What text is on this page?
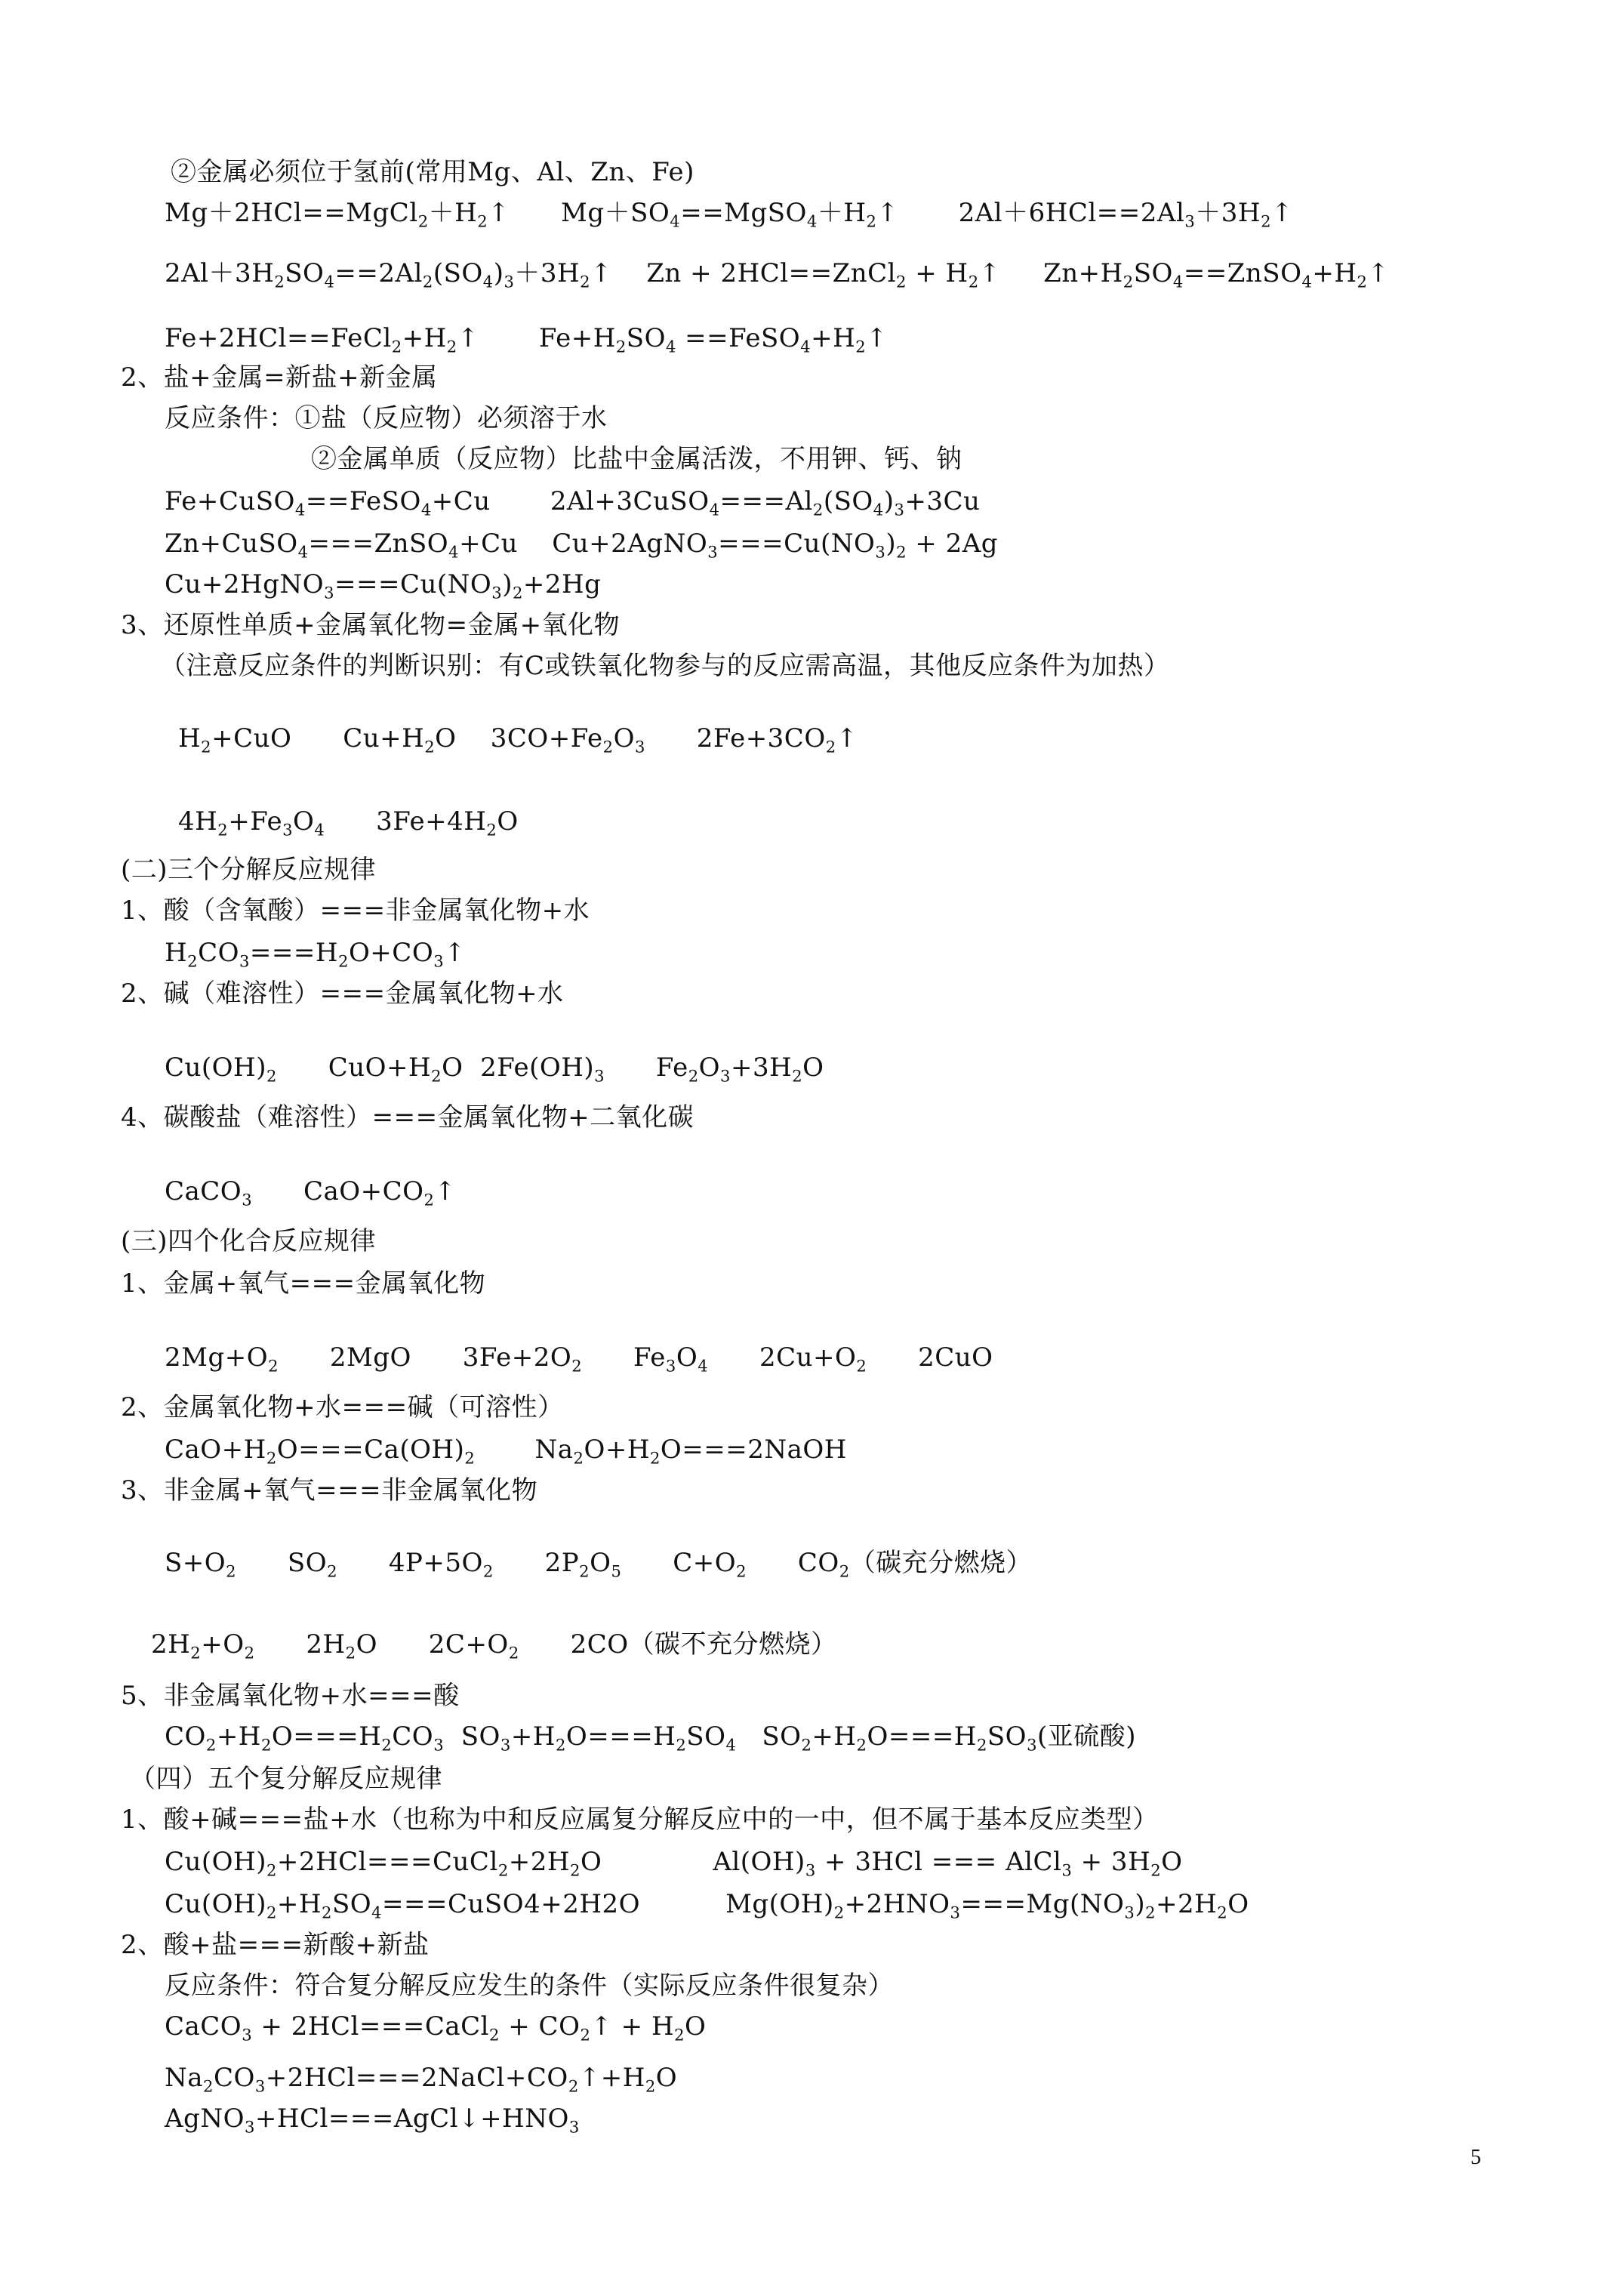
②金属必须位于氢前(常用Mg、Al、Zn、Fe)
$Mg+2HCl==MgCl_2+H_2↑$      $Mg+SO_4==MgSO_4+H_2↑$       $2Al+6HCl==2Al_3+3H_2↑$
$2Al+3H_2SO_4==2Al_2(SO_4)_3+3H_2↑$    Zn + 2HCl==ZnCl$_2$ + $H_2↑$     $Zn+H_2SO_4==ZnSO_4+H_2↑$
$Fe+2HCl==FeCl_2+H_2↑$       $Fe+H_2SO_4$ $==FeSO_4+H_2↑$
2、盐+金属=新盐+新金属
反应条件：①盐（反应物）必须溶于水
②金属单质（反应物）比盐中金属活泼，不用钾、钙、钠
Fe+CuSO$_4$==FeSO$_4$+Cu       $2Al+3CuSO_4===Al_2(SO_4)_3+3Cu$
Zn+CuSO$_4$===ZnSO$_4$+Cu    $Cu+2AgNO_3===Cu(NO_3)_2 + 2Ag$
$Cu+2HgNO_3===Cu(NO_3)_2+2Hg$
3、还原性单质+金属氧化物=金属+氧化物
（注意反应条件的判断识别：有C或铁氧化物参与的反应需高温，其他反应条件为加热）
$H_2+CuO$      $Cu+H_2O$    $3CO+Fe_2O_3$      $2Fe+3CO_2↑$
$4H_2+Fe_3O_4$      $3Fe+4H_2O$
(二)三个分解反应规律
1、酸（含氧酸）===非金属氧化物+水
$H_2CO_3===H_2O+CO_3↑$
2、碱（难溶性）===金属氧化物+水
$Cu(OH)_2$      $CuO+H_2O$  $2Fe(OH)_3$      $Fe_2O_3+3H_2O$
4、碳酸盐（难溶性）===金属氧化物+二氧化碳
CaCO$_3$      $CaO+CO_2↑$
(三)四个化合反应规律
1、金属+氧气===金属氧化物
$2Mg+O_2$      2MgO      $3Fe+2O_2$      $Fe_3O_4$      $2Cu+O_2$      2CuO
2、金属氧化物+水===碱（可溶性）
$CaO+H_2O===Ca(OH)_2$       $Na_2O+H_2O===2NaOH$
3、非金属+氧气===非金属氧化物
$S+O_2$      $SO_2$      $4P+5O_2$      $2P_2O_5$      $C+O_2$      $CO_2$（碳充分燃烧）
$2H_2+O_2$      $2H_2O$      $2C+O_2$      2CO（碳不充分燃烧）
5、非金属氧化物+水===酸
$CO_2+H_2O===H_2CO_3$  $SO_3+H_2O===H_2SO_4$   $SO_2+H_2O===H_2SO_3$(亚硫酸)
（四）五个复分解反应规律
1、酸+碱===盐+水（也称为中和反应属复分解反应中的一中，但不属于基本反应类型）
$Cu(OH)_2+2HCl===CuCl_2+2H_2O$             $Al(OH)_3 + 3HCl$ === AlCl$_3$ + $3H_2O$
$Cu(OH)_2+H_2SO_4===CuSO4+2H2O$          $Mg(OH)_2+2HNO_3===Mg(NO_3)_2+2H_2O$
2、酸+盐===新酸+新盐
反应条件：符合复分解反应发生的条件（实际反应条件很复杂）
CaCO$_3$ + 2HCl===CaCl$_2$ + $CO_2↑ + H_2O$
$Na_2CO_3+2HCl===2NaCl+CO_2↑+H_2O$
$AgNO_3+HCl===AgCl↓+HNO_3$
5
